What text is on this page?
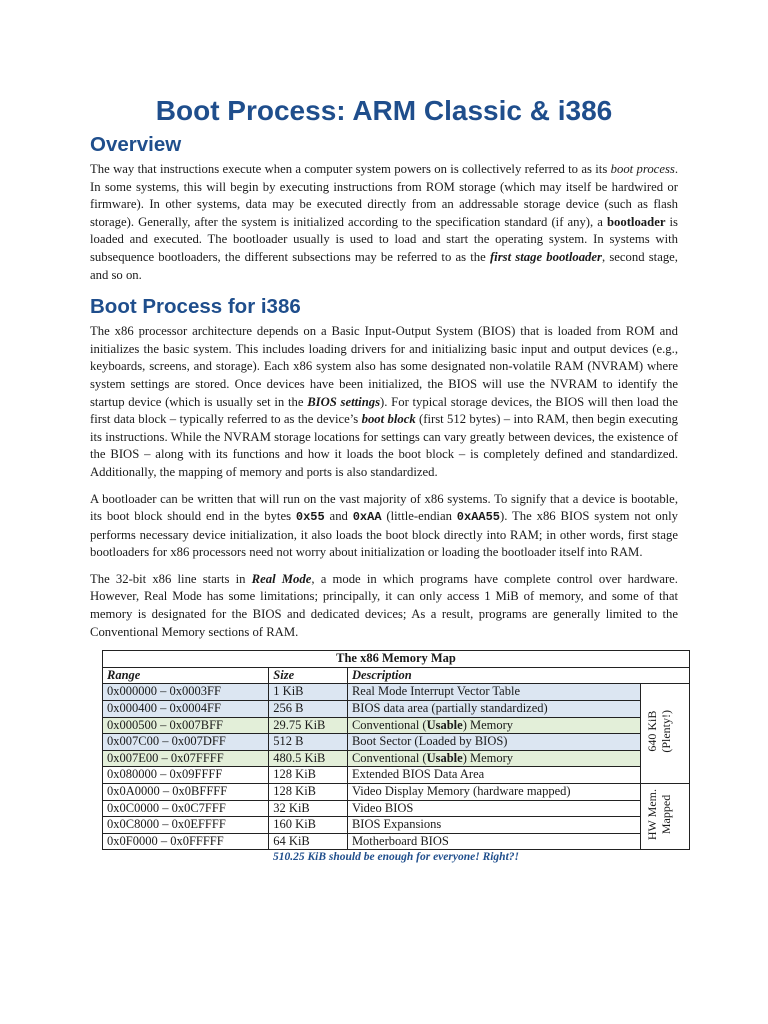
Boot Process: ARM Classic & i386
Overview

The way that instructions execute when a computer system powers on is collectively referred to as its boot process. In some systems, this will begin by executing instructions from ROM storage (which may itself be hardwired or firmware). In other systems, data may be executed directly from an addressable storage device (such as flash storage). Generally, after the system is initialized according to the specification standard (if any), a bootloader is loaded and executed. The bootloader usually is used to load and start the operating system. In systems with subsequence bootloaders, the different subsections may be referred to as the first stage bootloader, second stage, and so on.

Boot Process for i386

The x86 processor architecture depends on a Basic Input-Output System (BIOS) that is loaded from ROM and initializes the basic system. This includes loading drivers for and initializing basic input and output devices (e.g., keyboards, screens, and storage). Each x86 system also has some designated non-volatile RAM (NVRAM) where system settings are stored. Once devices have been initialized, the BIOS will use the NVRAM to identify the startup device (which is usually set in the BIOS settings). For typical storage devices, the BIOS will then load the first data block – typically referred to as the device’s boot block (first 512 bytes) – into RAM, then begin executing its instructions. While the NVRAM storage locations for settings can vary greatly between devices, the existence of the BIOS – along with its functions and how it loads the boot block – is completely defined and standardized. Additionally, the mapping of memory and ports is also standardized.

A bootloader can be written that will run on the vast majority of x86 systems. To signify that a device is bootable, its boot block should end in the bytes 0x55 and 0xAA (little-endian 0xAA55). The x86 BIOS system not only performs necessary device initialization, it also loads the boot block directly into RAM; in other words, first stage bootloaders for x86 processors need not worry about initialization or loading the bootloader itself into RAM.

The 32-bit x86 line starts in Real Mode, a mode in which programs have complete control over hardware. However, Real Mode has some limitations; principally, it can only access 1 MiB of memory, and some of that memory is designated for the BIOS and dedicated devices; As a result, programs are generally limited to the Conventional Memory sections of RAM.

The x86 Memory Map			
Range	Size	Description	
0x000000 – 0x0003FF	1 KiB	Real Mode Interrupt Vector Table	640 KiB
(Plenty!)
0x000400 – 0x0004FF	256 B	BIOS data area (partially standardized)	
0x000500 – 0x007BFF	29.75 KiB	Conventional (Usable) Memory	
0x007C00 – 0x007DFF	512 B	Boot Sector (Loaded by BIOS)	
0x007E00 – 0x07FFFF	480.5 KiB	Conventional (Usable) Memory	
0x080000 – 0x09FFFF	128 KiB	Extended BIOS Data Area	
0x0A0000 – 0x0BFFFF	128 KiB	Video Display Memory (hardware mapped)	HW Mem.
Mapped
0x0C0000 – 0x0C7FFF	32 KiB	Video BIOS	
0x0C8000 – 0x0EFFFF	160 KiB	BIOS Expansions	
0x0F0000 – 0x0FFFFF	64 KiB	Motherboard BIOS	
510.25 KiB should be enough for everyone! Right?!
